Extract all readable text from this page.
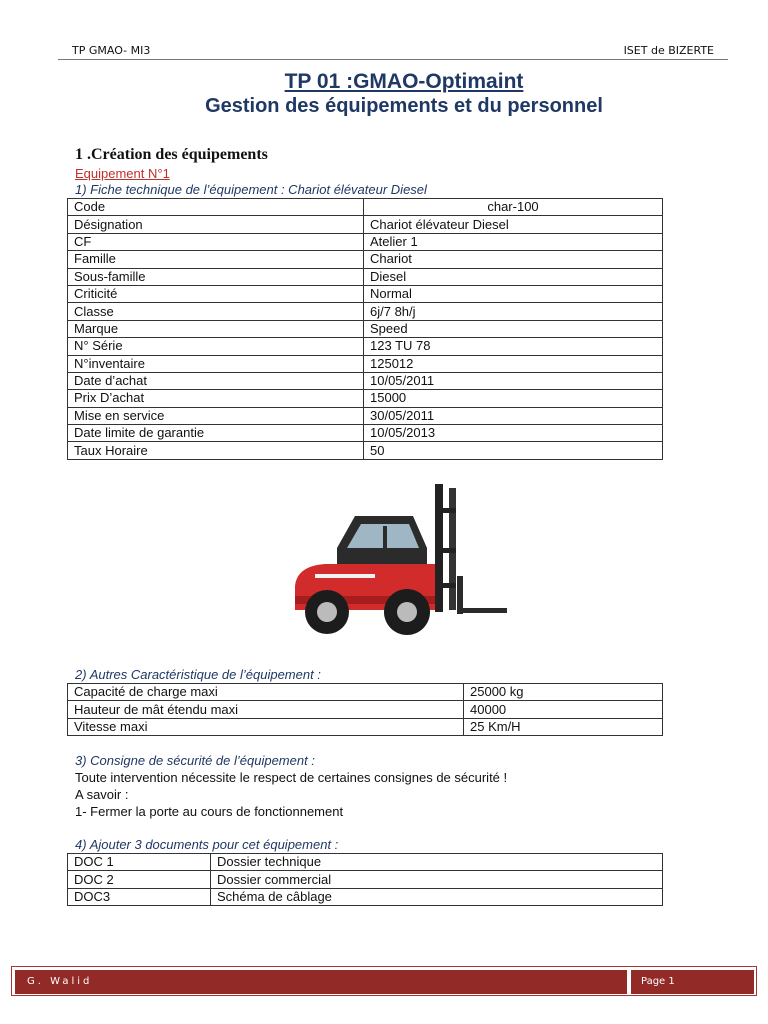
TP GMAO- MI3	ISET de BIZERTE
TP 01 :GMAO-Optimaint
Gestion des équipements et du personnel
1 .Création des équipements
Equipement N°1
1) Fiche technique de l’équipement : Chariot élévateur Diesel
Code	char-100
Désignation	Chariot élévateur Diesel
CF	Atelier 1
Famille	Chariot
Sous-famille	Diesel
Criticité	Normal
Classe	6j/7 8h/j
Marque	Speed
N° Série	123 TU 78
N°inventaire	125012
Date d’achat	10/05/2011
Prix D’achat	15000
Mise en service	30/05/2011
Date limite de garantie	10/05/2013
Taux Horaire	50
2) Autres Caractéristique de l’équipement :
Capacité de charge maxi	25000 kg
Hauteur de mât étendu maxi	40000
Vitesse maxi	25 Km/H
3) Consigne de sécurité de l’équipement :
Toute intervention nécessite le respect de certaines consignes de sécurité !
A savoir :
1- Fermer la porte au cours de fonctionnement
4) Ajouter 3 documents pour cet équipement :
DOC 1	Dossier technique
DOC 2	Dossier commercial
DOC3	Schéma de câblage
G. Walid	Page 1
